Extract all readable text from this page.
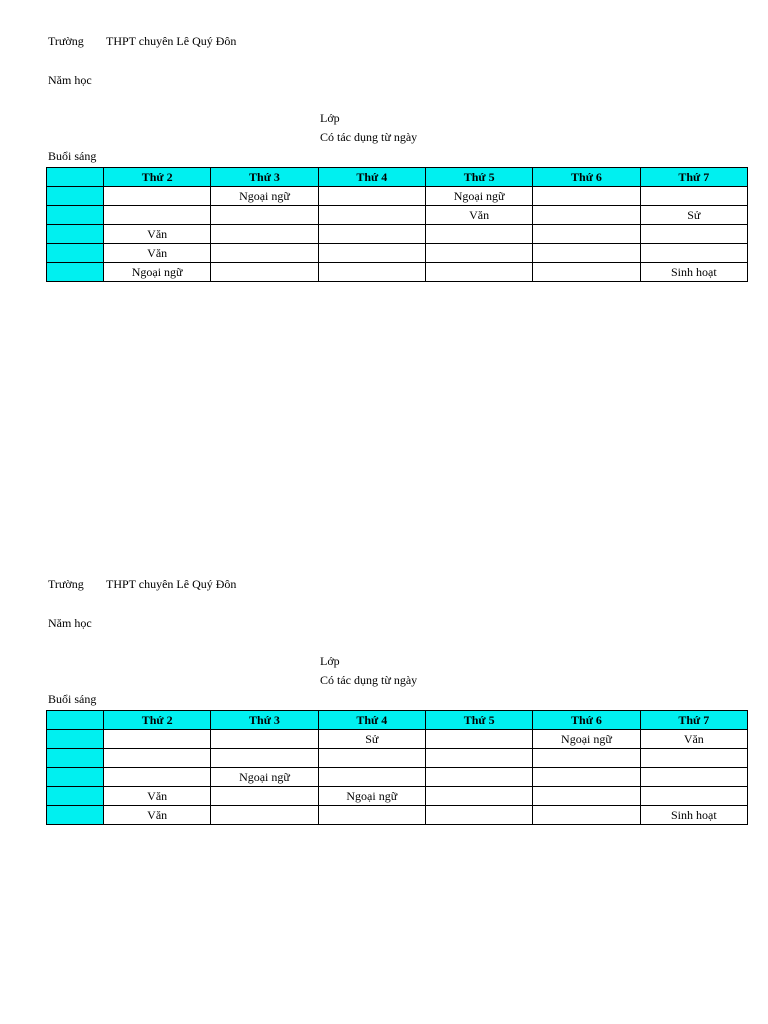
Trường THPT chuyên Lê Quý Đôn
Năm học
Lớp
Có tác dụng từ ngày
Buổi sáng
	Thứ 2	Thứ 3	Thứ 4	Thứ 5	Thứ 6	Thứ 7
		Ngoại ngữ		Ngoại ngữ		
				Văn		Sử
	Văn					
	Văn					
	Ngoại ngữ					Sinh hoạt
Trường THPT chuyên Lê Quý Đôn
Năm học
Lớp
Có tác dụng từ ngày
Buổi sáng
	Thứ 2	Thứ 3	Thứ 4	Thứ 5	Thứ 6	Thứ 7
			Sử		Ngoại ngữ	Văn

		Ngoại ngữ				
	Văn		Ngoại ngữ			
	Văn					Sinh hoạt
